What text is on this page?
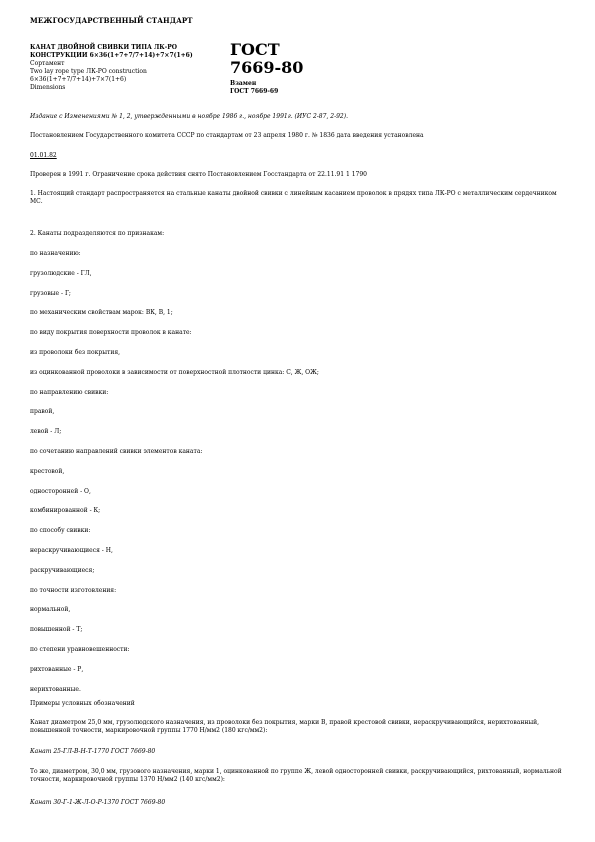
МЕЖГОСУДАРСТВЕННЫЙ СТАНДАРТ
КАНАТ ДВОЙНОЙ СВИВКИ ТИПА ЛК-РО
КОНСТРУКЦИИ 6×36(1+7+7/7+14)+7×7(1+6)
Сортамент
Two lay rope type ЛК-РО construction
6×36(1+7+7/7+14)+7×7(1+6)
Dimensions
ГОСТ
7669-80
Взамен
ГОСТ 7669-69
Издание с Изменениями № 1, 2, утвержденными в ноябре 1986 г., ноябре 1991г. (ИУС 2-87, 2-92).
Постановлением Государственного комитета СССР по стандартам от 23 апреля 1980 г. № 1836 дата введения установлена
01.01.82
Проверен в 1991 г. Ограничение срока действия снято Постановлением Госстандарта от 22.11.91 1 1790
1. Настоящий стандарт распространяется на стальные канаты двойной свивки с линейным касанием проволок в прядях типа ЛК-РО с металлическим сердечником МС.
2. Канаты подразделяются по признакам:
по назначению:
грузолюдские - ГЛ,
грузовые - Г;
по механическим свойствам марок: ВК, В, 1;
по виду покрытия поверхности проволок в канате:
из проволоки без покрытия,
из оцинкованной проволоки в зависимости от поверхностной плотности цинка: С, Ж, ОЖ;
по направлению свивки:
правой,
левой - Л;
по сочетанию направлений свивки элементов каната:
крестовой,
односторонней - О,
комбинированной - К;
по способу свивки:
нераскручивающиеся - Н,
раскручивающиеся;
по точности изготовления:
нормальной,
повышенной - Т;
по степени уравновешенности:
рихтованные - Р,
нерихтованные.
Примеры условных обозначений
Канат диаметром 25,0 мм, грузолюдского назначения, из проволоки без покрытия, марки В, правой крестовой свивки, нераскручивающийся, нерихтованный, повышенной точности, маркировочной группы 1770 Н/мм2 (180 кгс/мм2):
Канат 25-ГЛ-В-Н-Т-1770 ГОСТ 7669-80
То же, диаметром, 30,0 мм, грузового назначения, марки 1, оцинкованной по группе Ж, левой односторонней свивки, раскручивающийся, рихтованный, нормальной точности, маркировочной группы 1370 Н/мм2 (140 кгс/мм2):
Канат 30-Г-1-Ж-Л-О-Р-1370 ГОСТ 7669-80
